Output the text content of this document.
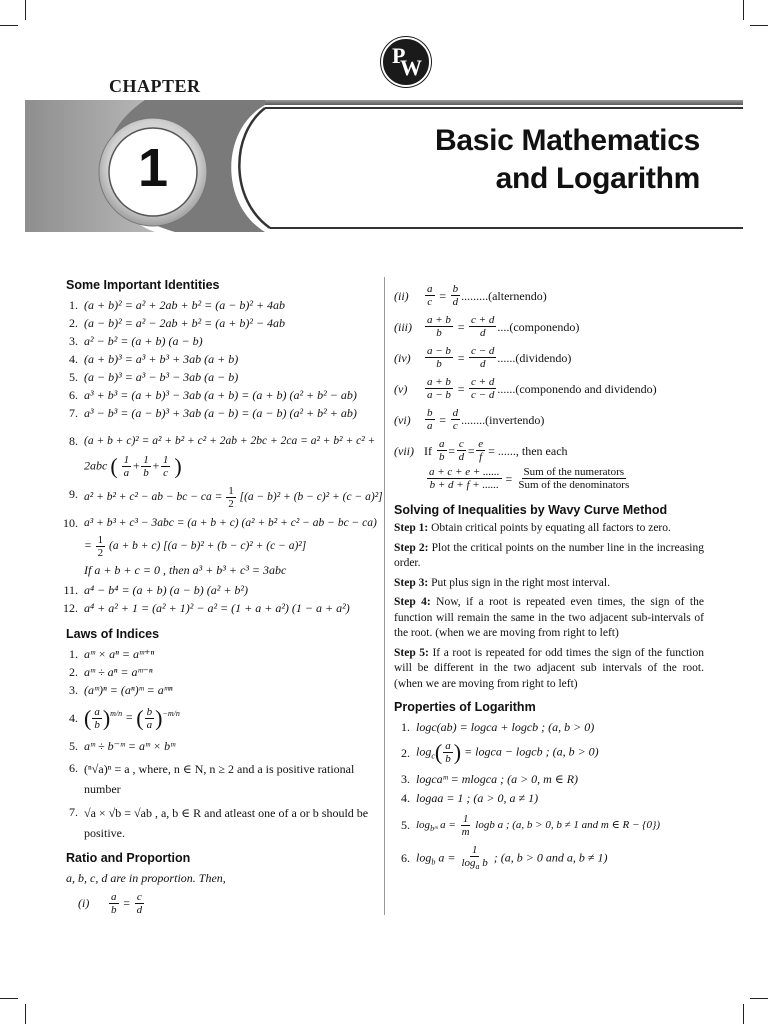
P
W
CHAPTER
1	Basic Mathematics
and Logarithm
Some Important Identities
1. (a + b)² = a² + 2ab + b² = (a − b)² + 4ab
2. (a − b)² = a² − 2ab + b² = (a + b)² − 4ab
3. a² − b² = (a + b) (a − b)
4. (a + b)³ = a³ + b³ + 3ab (a + b)
5. (a − b)³ = a³ − b³ − 3ab (a − b)
6. a³ + b³ = (a + b)³ − 3ab (a + b) = (a + b) (a² + b² − ab)
7. a³ − b³ = (a − b)³ + 3ab (a − b) = (a − b) (a² + b² + ab)
8. (a + b + c)² = a² + b² + c² + 2ab + 2bc + 2ca = a² + b² + c² +
2abc ( $\frac{1}{a} + \frac{1}{b} + \frac{1}{c}$ )
9. a² + b² + c² − ab − bc − ca = $\frac{1}{2} [(a - b)^2 + (b - c)^2 + (c - a)^2]$
10. a³ + b³ + c³ − 3abc = (a + b + c) (a² + b² + c² − ab − bc − ca)
= $\frac{1}{2} (a + b + c) [(a - b)^2 + (b - c)^2 + (c - a)^2]$
If a + b + c = 0 , then a³ + b³ + c³ = 3abc
11. a⁴ − b⁴ = (a + b) (a − b) (a² + b²)
12. a⁴ + a² + 1 = (a² + 1)² − a² = (1 + a + a²) (1 − a + a²)
Laws of Indices
1. aᵐ × aⁿ = aᵐ⁺ⁿ
2. aᵐ ÷ aⁿ = aᵐ⁻ⁿ
3. (aᵐ)ⁿ = (aⁿ)ᵐ = aᵐⁿ
4. ( $\frac{a}{b} )^{m/n}$ = ( $\frac{b}{a} )^{-m/n}$
5. aᵐ ÷ b⁻ᵐ = aᵐ × bᵐ
6. (ⁿ√a)ⁿ = a , where, n ∈ N, n ≥ 2 and a is positive rational number
7. √a × √b = √ab , a, b ∈ R and atleast one of a or b should be positive.
Ratio and Proportion
a, b, c, d are in proportion. Then,
(i)	$\frac{a}{b} = \frac{c}{d}$
(ii)	$\frac{a}{c} = \frac{b}{d}$ .........(alternendo)
(iii)	$\frac{a + b}{b} = \frac{c + d}{d}$ ....(componendo)
(iv)	$\frac{a - b}{b} = \frac{c - d}{d}$ ......(dividendo)
(v)	$\frac{a + b}{a - b} = \frac{c + d}{c - d}$ ......(componendo and dividendo)
(vi)	$\frac{b}{a} = \frac{d}{c}$ ........(invertendo)
(vii) If $\frac{a}{b} = \frac{c}{d} = \frac{e}{f}$ = ......, then each
$\frac{a + c + e + ......}{b + d + f + ......} = \frac{\text{Sum of the numerators}}{\text{Sum of the denominators}}$
Solving of Inequalities by Wavy Curve Method
Step 1: Obtain critical points by equating all factors to zero.
Step 2: Plot the critical points on the number line in the increasing order.
Step 3: Put plus sign in the right most interval.
Step 4: Now, if a root is repeated even times, the sign of the function will remain the same in the two adjacent sub-intervals of the root. (when we are moving from right to left)
Step 5: If a root is repeated for odd times the sign of the function will be different in the two adjacent sub intervals of the root. (when we are moving from right to left)
Properties of Logarithm
1. logc(ab) = logca + logcb ; (a, b > 0)
2. $\log_c( \frac{a}{b}$ ) = logca − logcb ; (a, b > 0)
3. logcaᵐ = mlogca ; (a > 0, m ∈ R)
4. logaa = 1 ; (a > 0, a ≠ 1)
5. $\log_{bᵐ} a = \frac{1}{m}$ logb a ; (a, b > 0, b ≠ 1 and m ∈ R − {0})
6. $\log_b a = \frac{1}{\log_a b}$ ; (a, b > 0 and a, b ≠ 1)
